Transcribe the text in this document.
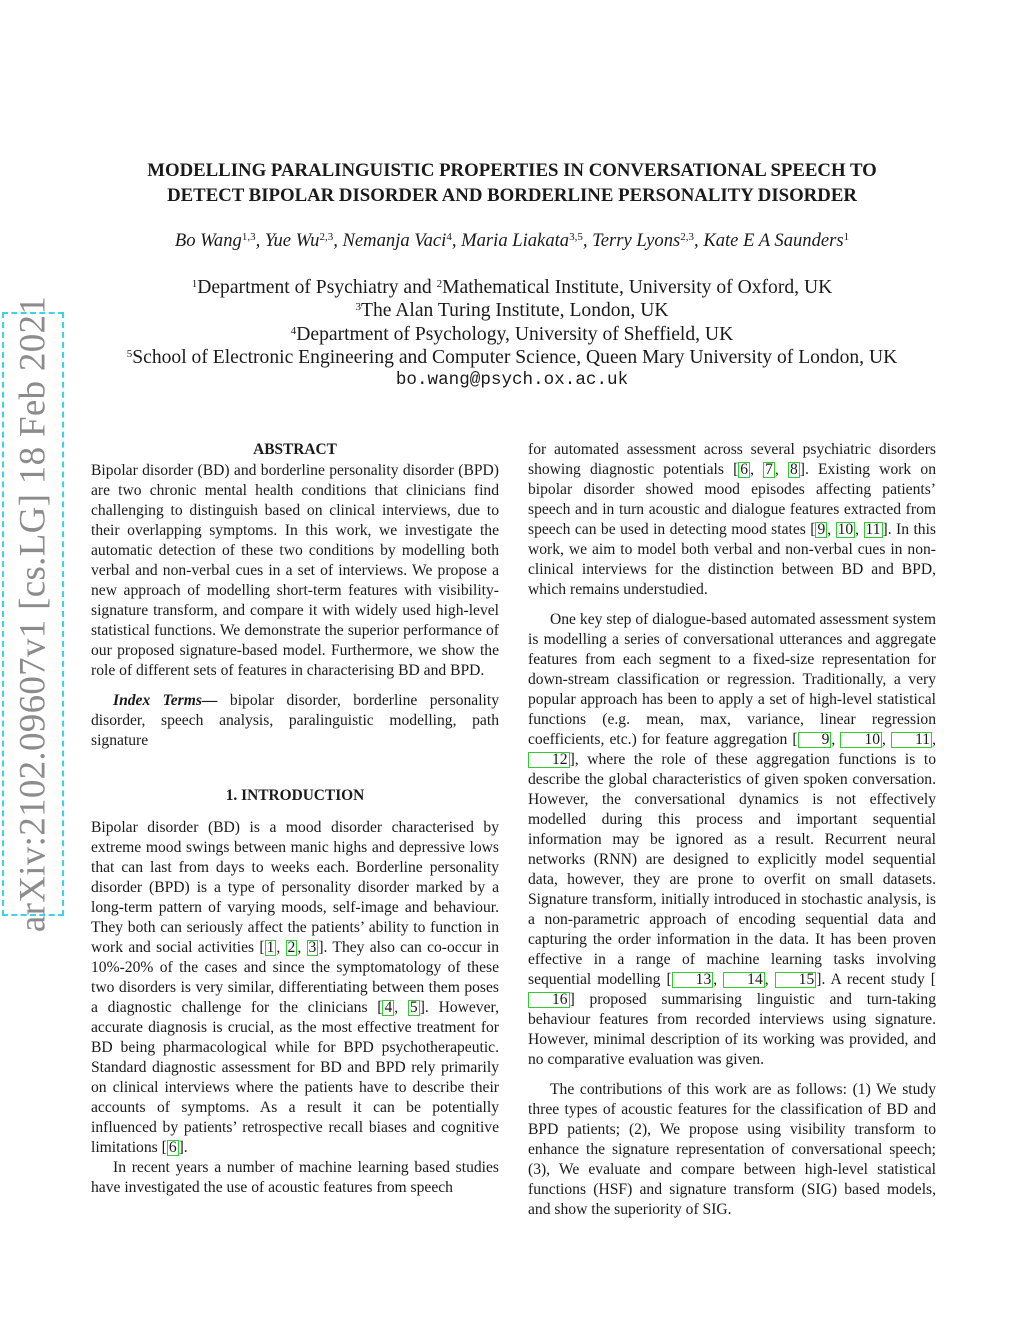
arXiv:2102.09607v1 [cs.LG] 18 Feb 2021
MODELLING PARALINGUISTIC PROPERTIES IN CONVERSATIONAL SPEECH TO
DETECT BIPOLAR DISORDER AND BORDERLINE PERSONALITY DISORDER
Bo Wang$^{1,3}$, Yue Wu$^{2,3}$, Nemanja Vaci$^4$, Maria Liakata$^{3,5}$, Terry Lyons$^{2,3}$, Kate E A Saunders$^1$
$^1$Department of Psychiatry and $^2$Mathematical Institute, University of Oxford, UK
$^3$The Alan Turing Institute, London, UK
$^4$Department of Psychology, University of Sheffield, UK
$^5$School of Electronic Engineering and Computer Science, Queen Mary University of London, UK
bo.wang@psych.ox.ac.uk
ABSTRACT

Bipolar disorder (BD) and borderline personality disorder (BPD) are two chronic mental health conditions that clinicians find challenging to distinguish based on clinical interviews, due to their overlapping symptoms. In this work, we investigate the automatic detection of these two conditions by modelling both verbal and non-verbal cues in a set of interviews. We propose a new approach of modelling short-term features with visibility-signature transform, and compare it with widely used high-level statistical functions. We demonstrate the superior performance of our proposed signature-based model. Furthermore, we show the role of different sets of features in characterising BD and BPD.

Index Terms— bipolar disorder, borderline personality disorder, speech analysis, paralinguistic modelling, path signature

1. INTRODUCTION

Bipolar disorder (BD) is a mood disorder characterised by extreme mood swings between manic highs and depressive lows that can last from days to weeks each. Borderline personality disorder (BPD) is a type of personality disorder marked by a long-term pattern of varying moods, self-image and behaviour. They both can seriously affect the patients’ ability to function in work and social activities [ 1 , 2 , 3 ]. They also can co-occur in 10%-20% of the cases and since the symptomatology of these two disorders is very similar, differentiating between them poses a diagnostic challenge for the clinicians [ 4 , 5 ]. However, accurate diagnosis is crucial, as the most effective treatment for BD being pharmacological while for BPD psychotherapeutic. Standard diagnostic assessment for BD and BPD rely primarily on clinical interviews where the patients have to describe their accounts of symptoms. As a result it can be potentially influenced by patients’ retrospective recall biases and cognitive limitations [ 6 ].

In recent years a number of machine learning based studies have investigated the use of acoustic features from speech

for automated assessment across several psychiatric disorders showing diagnostic potentials [ 6 , 7 , 8 ]. Existing work on bipolar disorder showed mood episodes affecting patients’ speech and in turn acoustic and dialogue features extracted from speech can be used in detecting mood states [ 9 , 10 , 11 ]. In this work, we aim to model both verbal and non-verbal cues in non-clinical interviews for the distinction between BD and BPD, which remains understudied.

One key step of dialogue-based automated assessment system is modelling a series of conversational utterances and aggregate features from each segment to a fixed-size representation for down-stream classification or regression. Traditionally, a very popular approach has been to apply a set of high-level statistical functions (e.g. mean, max, variance, linear regression coefficients, etc.) for feature aggregation [ 9 , 10 , 11 , 12 ], where the role of these aggregation functions is to describe the global characteristics of given spoken conversation. However, the conversational dynamics is not effectively modelled during this process and important sequential information may be ignored as a result. Recurrent neural networks (RNN) are designed to explicitly model sequential data, however, they are prone to overfit on small datasets. Signature transform, initially introduced in stochastic analysis, is a non-parametric approach of encoding sequential data and capturing the order information in the data. It has been proven effective in a range of machine learning tasks involving sequential modelling [ 13 , 14 , 15 ]. A recent study [16 ] proposed summarising linguistic and turn-taking behaviour features from recorded interviews using signature. However, minimal description of its working was provided, and no comparative evaluation was given.

The contributions of this work are as follows: (1) We study three types of acoustic features for the classification of BD and BPD patients; (2), We propose using visibility transform to enhance the signature representation of conversational speech; (3), We evaluate and compare between high-level statistical functions (HSF) and signature transform (SIG) based models, and show the superiority of SIG.
